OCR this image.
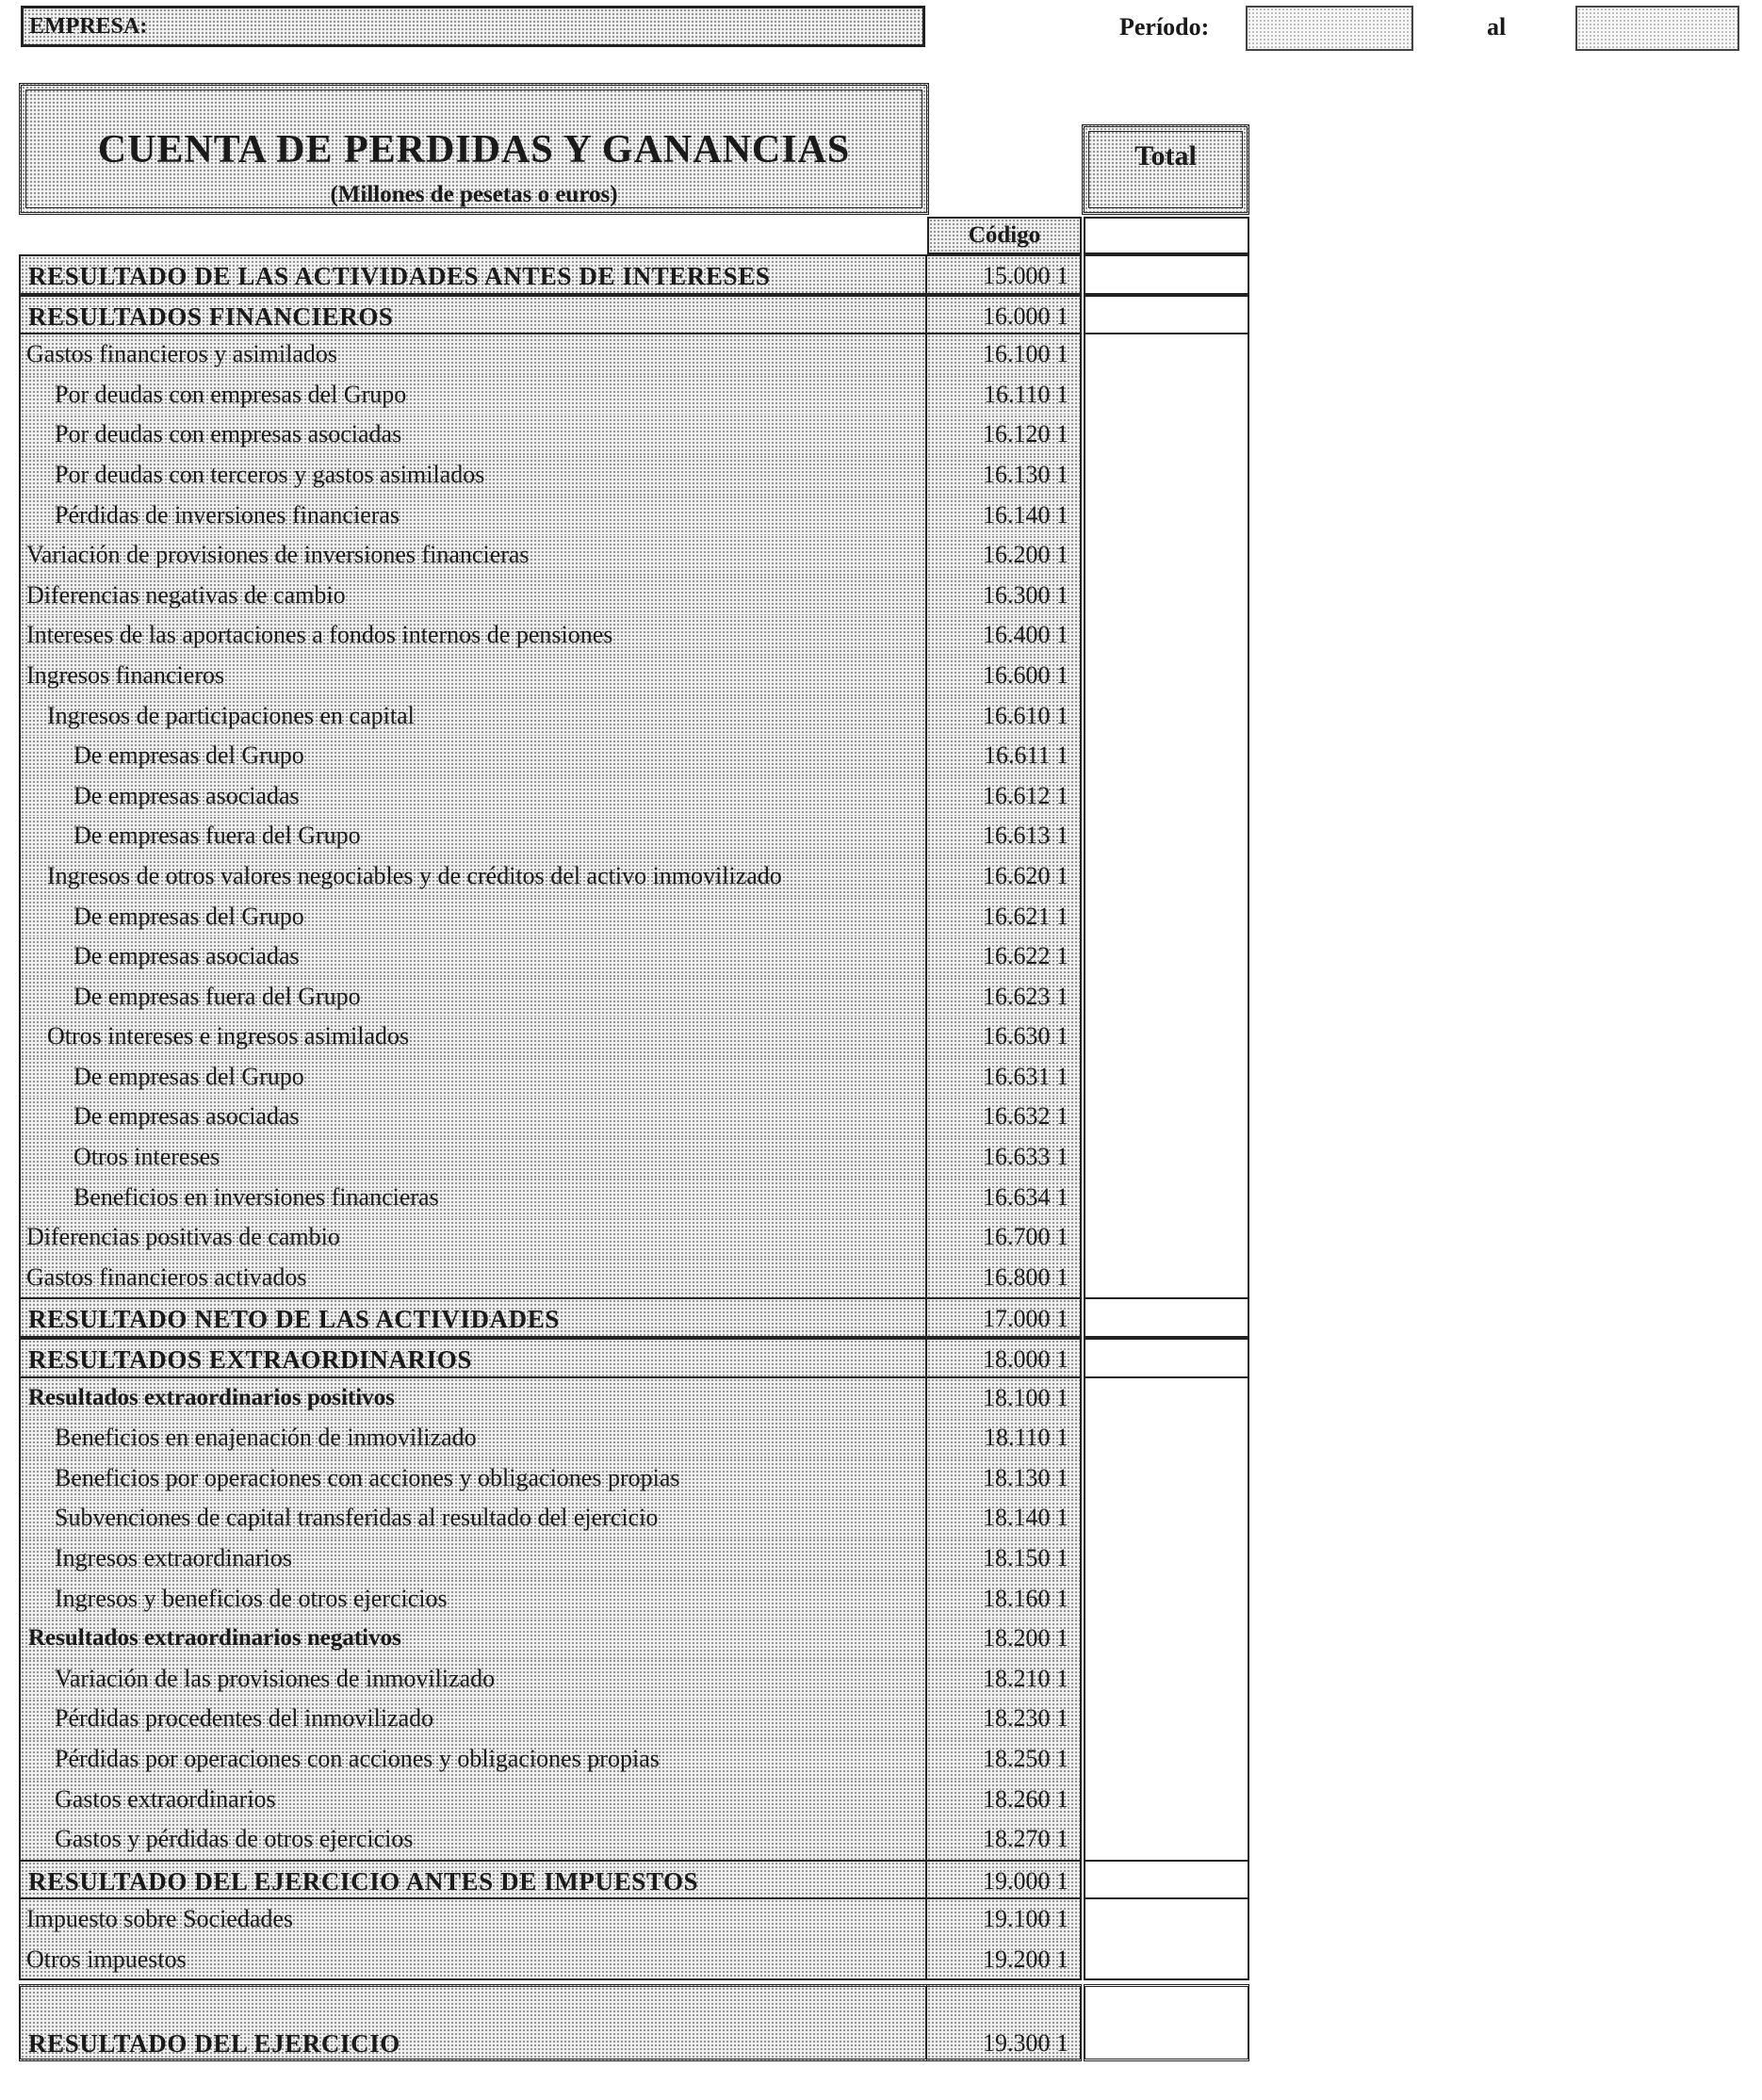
EMPRESA:	Período:	al
CUENTA DE PERDIDAS Y GANANCIAS
(Millones de pesetas o euros)
Total
Código
RESULTADO DE LAS ACTIVIDADES ANTES DE INTERESES	15.000 1
RESULTADOS FINANCIEROS	16.000 1
Gastos financieros y asimilados	16.100 1
Por deudas con empresas del Grupo	16.110 1
Por deudas con empresas asociadas	16.120 1
Por deudas con terceros y gastos asimilados	16.130 1
Pérdidas de inversiones financieras	16.140 1
Variación de provisiones de inversiones financieras	16.200 1
Diferencias negativas de cambio	16.300 1
Intereses de las aportaciones a fondos internos de pensiones	16.400 1
Ingresos financieros	16.600 1
Ingresos de participaciones en capital	16.610 1
De empresas del Grupo	16.611 1
De empresas asociadas	16.612 1
De empresas fuera del Grupo	16.613 1
Ingresos de otros valores negociables y de créditos del activo inmovilizado	16.620 1
De empresas del Grupo	16.621 1
De empresas asociadas	16.622 1
De empresas fuera del Grupo	16.623 1
Otros intereses e ingresos asimilados	16.630 1
De empresas del Grupo	16.631 1
De empresas asociadas	16.632 1
Otros intereses	16.633 1
Beneficios en inversiones financieras	16.634 1
Diferencias positivas de cambio	16.700 1
Gastos financieros activados	16.800 1
RESULTADO NETO DE LAS ACTIVIDADES	17.000 1
RESULTADOS EXTRAORDINARIOS	18.000 1
Resultados extraordinarios positivos	18.100 1
Beneficios en enajenación de inmovilizado	18.110 1
Beneficios por operaciones con acciones y obligaciones propias	18.130 1
Subvenciones de capital transferidas al resultado del ejercicio	18.140 1
Ingresos extraordinarios	18.150 1
Ingresos y beneficios de otros ejercicios	18.160 1
Resultados extraordinarios negativos	18.200 1
Variación de las provisiones de inmovilizado	18.210 1
Pérdidas procedentes del inmovilizado	18.230 1
Pérdidas por operaciones con acciones y obligaciones propias	18.250 1
Gastos extraordinarios	18.260 1
Gastos y pérdidas de otros ejercicios	18.270 1
RESULTADO DEL EJERCICIO ANTES DE IMPUESTOS	19.000 1
Impuesto sobre Sociedades	19.100 1
Otros impuestos	19.200 1
RESULTADO DEL EJERCICIO	19.300 1
